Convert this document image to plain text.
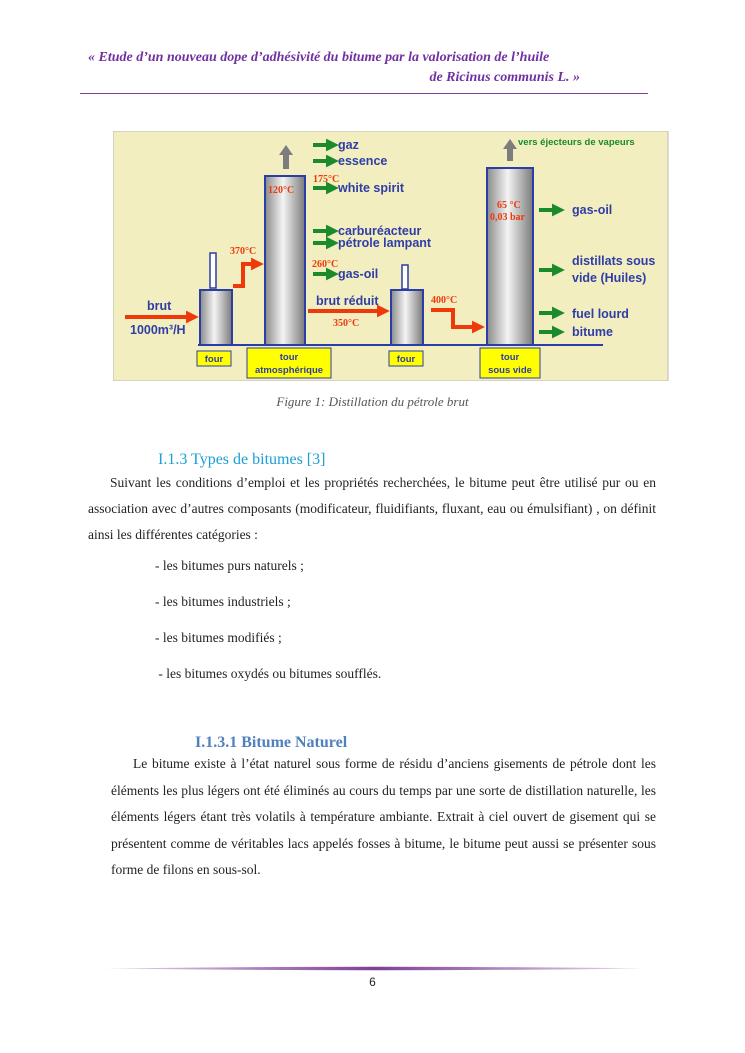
« Etude d’un nouveau dope d’adhésivité du bitume par la valorisation de l’huile
de Ricinus communis L. »
gaz
essence
white spirit
carburéacteur
pétrole lampant
gas-oil
vers éjecteurs de vapeurs
gas-oil
distillats sous
vide (Huiles)
fuel lourd
bitume
brut
1000m³/H
brut réduit
370°C
120°C
175°C
260°C
350°C
400°C
65 °C
0,03 bar
four	tour
atmosphérique
four	tour
sous vide
Figure 1: Distillation du pétrole brut
I.1.3 Types de bitumes [3]
Suivant les conditions d’emploi et les propriétés recherchées, le bitume peut être utilisé pur ou en association avec d’autres composants (modificateur, fluidifiants, fluxant, eau ou émulsifiant) , on définit ainsi les différentes catégories :
- les bitumes purs naturels ;
- les bitumes industriels ;
- les bitumes modifiés ;
- les bitumes oxydés ou bitumes soufflés.
I.1.3.1 Bitume Naturel
Le bitume existe à l’état naturel sous forme de résidu d’anciens gisements de pétrole dont les éléments les plus légers ont été éliminés au cours du temps par une sorte de distillation naturelle, les éléments légers étant très volatils à température ambiante. Extrait à ciel ouvert de gisement qui se présentent comme de véritables lacs appelés fosses à bitume, le bitume peut aussi se présenter sous forme de filons en sous-sol.
6
